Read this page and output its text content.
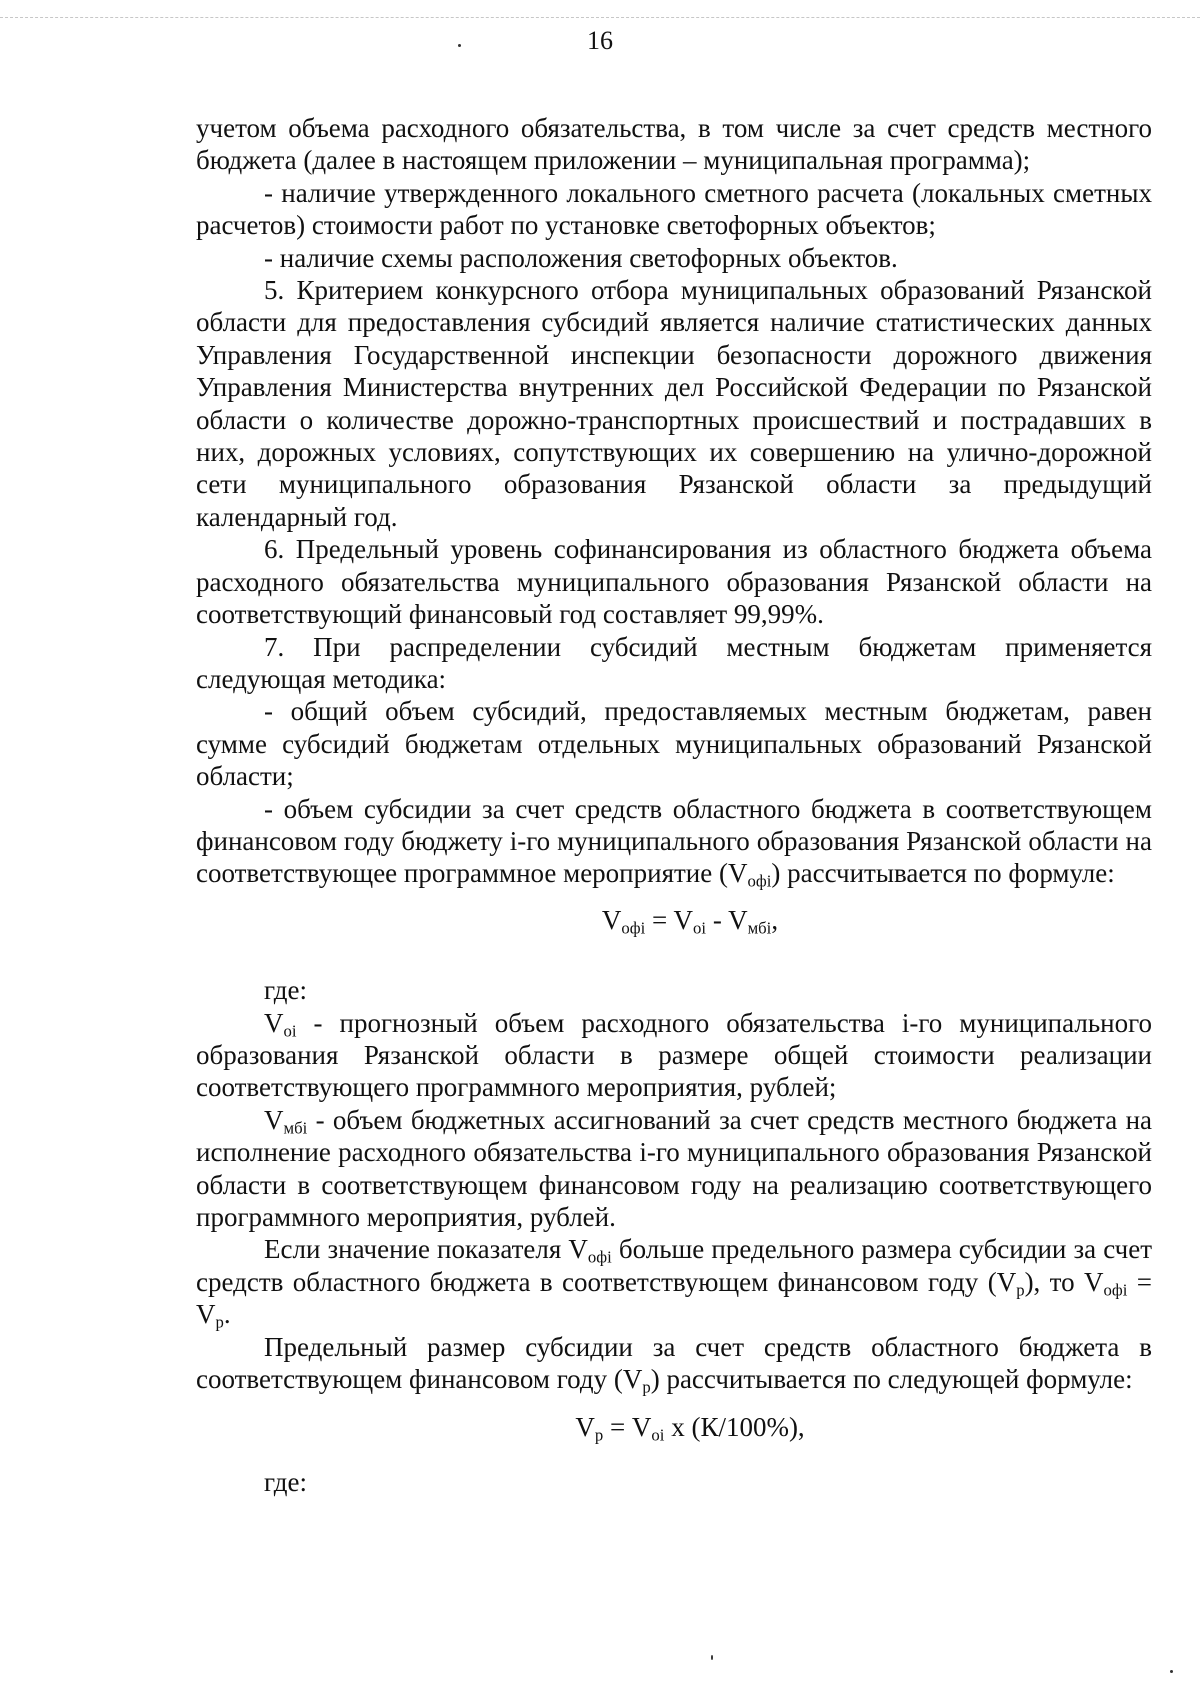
16

учетом объема расходного обязательства, в том числе за счет средств местного бюджета (далее в настоящем приложении – муниципальная программа);

- наличие утвержденного локального сметного расчета (локальных сметных расчетов) стоимости работ по установке светофорных объектов;

- наличие схемы расположения светофорных объектов.

5. Критерием конкурсного отбора муниципальных образований Рязанской области для предоставления субсидий является наличие статистических данных Управления Государственной инспекции безопасности дорожного движения Управления Министерства внутренних дел Российской Федерации по Рязанской области о количестве дорожно-транспортных происшествий и пострадавших в них, дорожных условиях, сопутствующих их совершению на улично-дорожной сети муниципального образования Рязанской области за предыдущий календарный год.

6. Предельный уровень софинансирования из областного бюджета объема расходного обязательства муниципального образования Рязанской области на соответствующий финансовый год составляет 99,99%.

7. При распределении субсидий местным бюджетам применяется следующая методика:

- общий объем субсидий, предоставляемых местным бюджетам, равен сумме субсидий бюджетам отдельных муниципальных образований Рязанской области;

- объем субсидии за счет средств областного бюджета в соответствующем финансовом году бюджету i-го муниципального образования Рязанской области на соответствующее программное мероприятие $(V_{офi})$ рассчитывается по формуле:

$V_{офi} = V_{oi} - V_{мбi}$,

где:

$V_{oi}$ - прогнозный объем расходного обязательства i-го муниципального образования Рязанской области в размере общей стоимости реализации соответствующего программного мероприятия, рублей;

$V_{мбi}$ - объем бюджетных ассигнований за счет средств местного бюджета на исполнение расходного обязательства i-го муниципального образования Рязанской области в соответствующем финансовом году на реализацию соответствующего программного мероприятия, рублей.

Если значение показателя $V_{офi}$ больше предельного размера субсидии за счет средств областного бюджета в соответствующем финансовом году $(V_р)$, то $V_{офi} = V_р$.

Предельный размер субсидии за счет средств областного бюджета в соответствующем финансовом году $(V_р)$ рассчитывается по следующей формуле:

$V_р = V_{oi}$ x (К/100%),

где:
